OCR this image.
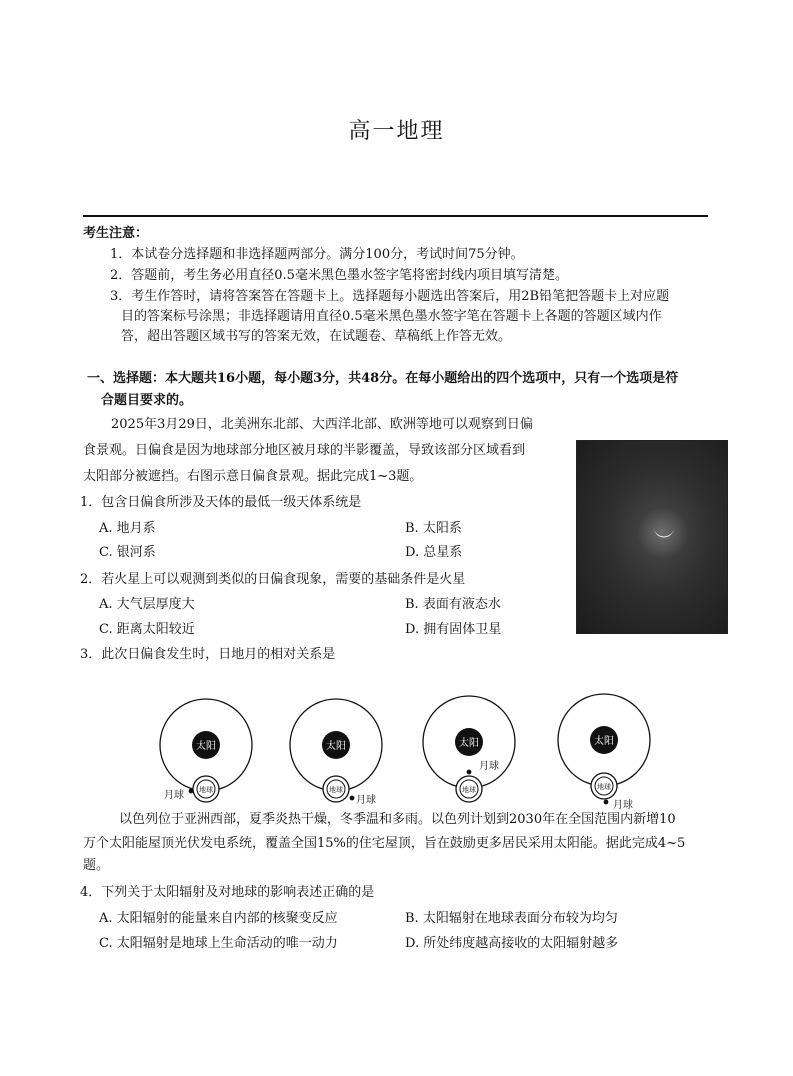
高一地理
考生注意：
1．本试卷分选择题和非选择题两部分。满分100分，考试时间75分钟。
2．答题前，考生务必用直径0.5毫米黑色墨水签字笔将密封线内项目填写清楚。
3．考生作答时，请将答案答在答题卡上。选择题每小题选出答案后，用2B铅笔把答题卡上对应题
目的答案标号涂黑；非选择题请用直径0.5毫米黑色墨水签字笔在答题卡上各题的答题区域内作
答，超出答题区域书写的答案无效，在试题卷、草稿纸上作答无效。
一、选择题：本大题共16小题，每小题3分，共48分。在每小题给出的四个选项中，只有一个选项是符
合题目要求的。
2025年3月29日，北美洲东北部、大西洋北部、欧洲等地可以观察到日偏
食景观。日偏食是因为地球部分地区被月球的半影覆盖，导致该部分区域看到
太阳部分被遮挡。右图示意日偏食景观。据此完成1~3题。
1．包含日偏食所涉及天体的最低一级天体系统是
A. 地月系	B. 太阳系
C. 银河系	D. 总星系
2．若火星上可以观测到类似的日偏食现象，需要的基础条件是火星
A. 大气层厚度大	B. 表面有液态水
C. 距离太阳较近	D. 拥有固体卫星
3．此次日偏食发生时，日地月的相对关系是
太阳
地球
月球
太阳
地球
月球
太阳
地球
月球
太阳
地球
月球
以色列位于亚洲西部，夏季炎热干燥，冬季温和多雨。以色列计划到2030年在全国范围内新增10
万个太阳能屋顶光伏发电系统，覆盖全国15%的住宅屋顶，旨在鼓励更多居民采用太阳能。据此完成4~5
题。
4．下列关于太阳辐射及对地球的影响表述正确的是
A. 太阳辐射的能量来自内部的核聚变反应	B. 太阳辐射在地球表面分布较为均匀
C. 太阳辐射是地球上生命活动的唯一动力	D. 所处纬度越高接收的太阳辐射越多
